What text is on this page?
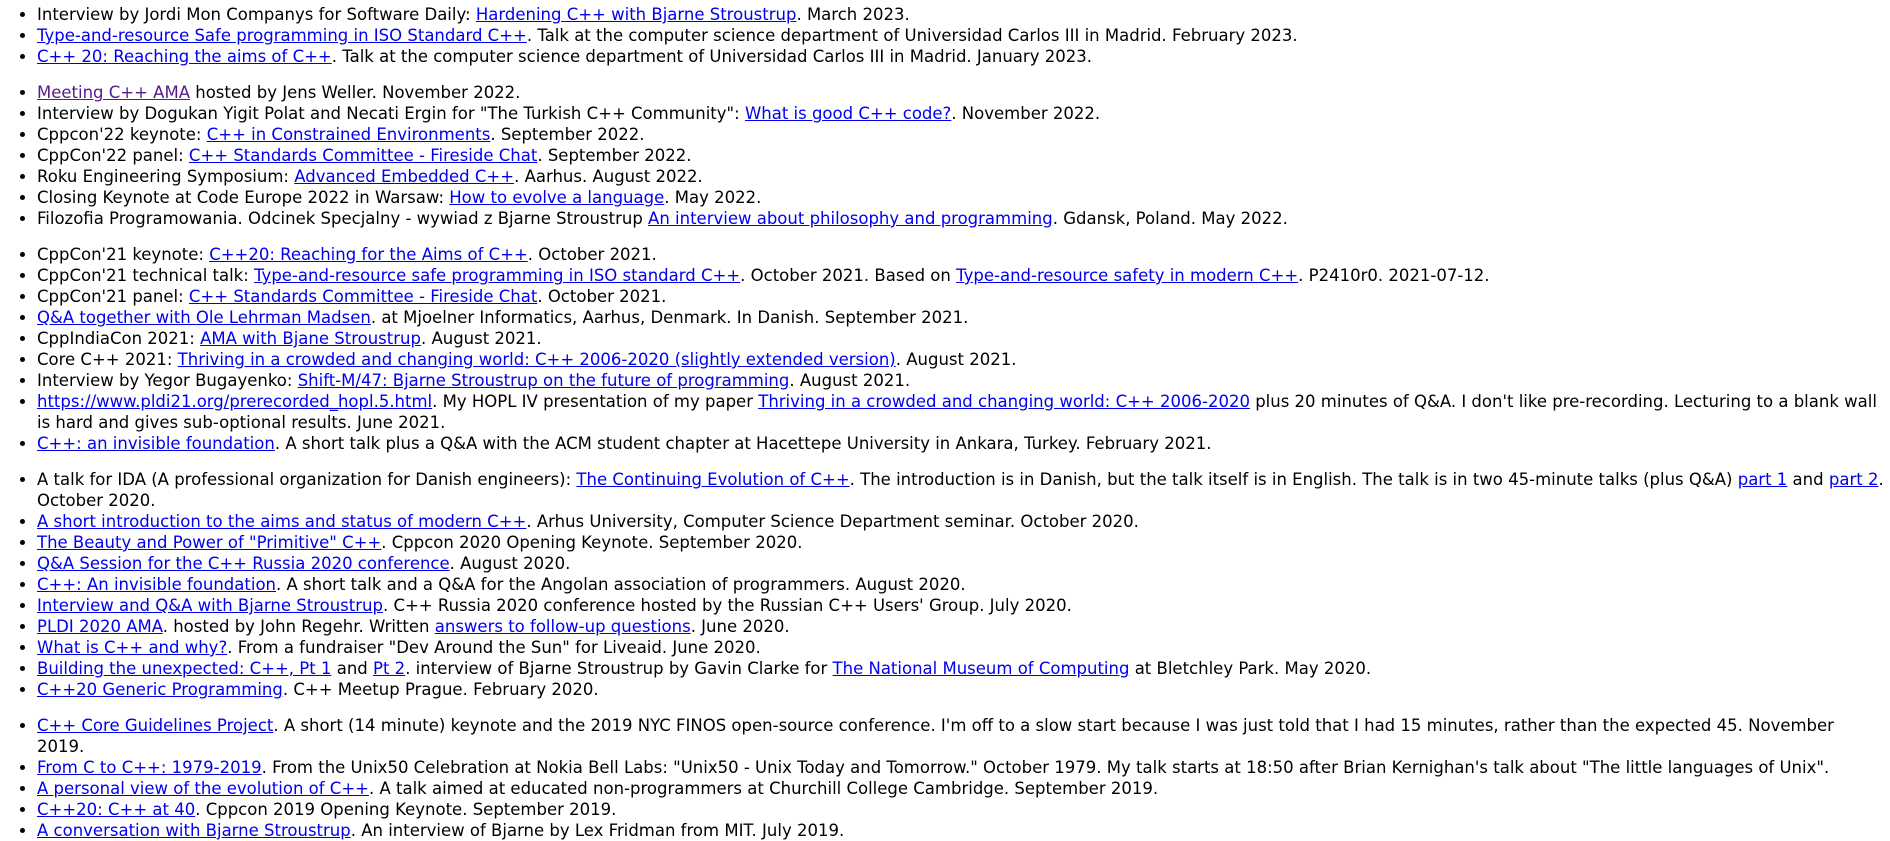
• Interview by Jordi Mon Companys for Software Daily: Hardening C++ with Bjarne Stroustrup. March 2023.
• Type-and-resource Safe programming in ISO Standard C++. Talk at the computer science department of Universidad Carlos III in Madrid. February 2023.
• C++ 20: Reaching the aims of C++. Talk at the computer science department of Universidad Carlos III in Madrid. January 2023.
• Meeting C++ AMA hosted by Jens Weller. November 2022.
• Interview by Dogukan Yigit Polat and Necati Ergin for "The Turkish C++ Community": What is good C++ code?. November 2022.
• Cppcon'22 keynote: C++ in Constrained Environments. September 2022.
• CppCon'22 panel: C++ Standards Committee - Fireside Chat. September 2022.
• Roku Engineering Symposium: Advanced Embedded C++. Aarhus. August 2022.
• Closing Keynote at Code Europe 2022 in Warsaw: How to evolve a language. May 2022.
• Filozofia Programowania. Odcinek Specjalny - wywiad z Bjarne Stroustrup An interview about philosophy and programming. Gdansk, Poland. May 2022.
• CppCon'21 keynote: C++20: Reaching for the Aims of C++. October 2021.
• CppCon'21 technical talk: Type-and-resource safe programming in ISO standard C++. October 2021. Based on Type-and-resource safety in modern C++. P2410r0. 2021-07-12.
• CppCon'21 panel: C++ Standards Committee - Fireside Chat. October 2021.
• Q&A together with Ole Lehrman Madsen. at Mjoelner Informatics, Aarhus, Denmark. In Danish. September 2021.
• CppIndiaCon 2021: AMA with Bjane Stroustrup. August 2021.
• Core C++ 2021: Thriving in a crowded and changing world: C++ 2006-2020 (slightly extended version). August 2021.
• Interview by Yegor Bugayenko: Shift-M/47: Bjarne Stroustrup on the future of programming. August 2021.
• https://www.pldi21.org/prerecorded_hopl.5.html. My HOPL IV presentation of my paper Thriving in a crowded and changing world: C++ 2006-2020 plus 20 minutes of Q&A. I don't like pre-recording. Lecturing to a blank wall is hard and gives sub-optional results. June 2021.
• C++: an invisible foundation. A short talk plus a Q&A with the ACM student chapter at Hacettepe University in Ankara, Turkey. February 2021.
• A talk for IDA (A professional organization for Danish engineers): The Continuing Evolution of C++. The introduction is in Danish, but the talk itself is in English. The talk is in two 45-minute talks (plus Q&A) part 1 and part 2. October 2020.
• A short introduction to the aims and status of modern C++. Arhus University, Computer Science Department seminar. October 2020.
• The Beauty and Power of "Primitive" C++. Cppcon 2020 Opening Keynote. September 2020.
• Q&A Session for the C++ Russia 2020 conference. August 2020.
• C++: An invisible foundation. A short talk and a Q&A for the Angolan association of programmers. August 2020.
• Interview and Q&A with Bjarne Stroustrup. C++ Russia 2020 conference hosted by the Russian C++ Users' Group. July 2020.
• PLDI 2020 AMA. hosted by John Regehr. Written answers to follow-up questions. June 2020.
• What is C++ and why?. From a fundraiser "Dev Around the Sun" for Liveaid. June 2020.
• Building the unexpected: C++, Pt 1 and Pt 2. interview of Bjarne Stroustrup by Gavin Clarke for The National Museum of Computing at Bletchley Park. May 2020.
• C++20 Generic Programming. C++ Meetup Prague. February 2020.
• C++ Core Guidelines Project. A short (14 minute) keynote and the 2019 NYC FINOS open-source conference. I'm off to a slow start because I was just told that I had 15 minutes, rather than the expected 45. November 2019.
• From C to C++: 1979-2019. From the Unix50 Celebration at Nokia Bell Labs: "Unix50 - Unix Today and Tomorrow." October 1979. My talk starts at 18:50 after Brian Kernighan's talk about "The little languages of Unix".
• A personal view of the evolution of C++. A talk aimed at educated non-programmers at Churchill College Cambridge. September 2019.
• C++20: C++ at 40. Cppcon 2019 Opening Keynote. September 2019.
• A conversation with Bjarne Stroustrup. An interview of Bjarne by Lex Fridman from MIT. July 2019.
